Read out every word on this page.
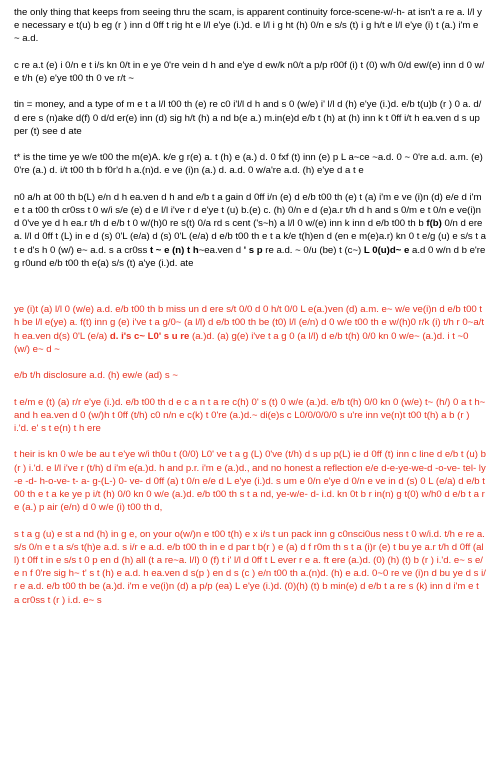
the only thing that keeps from seeing thru the scam, is apparent continuity force-scene-w/-h- at isn't a re a. l/l ye necessary e t(u) b eg (r ) inn d 0ff t rig ht e l/l e'ye (i.)d. e l/l i g ht (h) 0/n e s/s (t) i g h/t e l/l e'ye (i) t (a.) i'm e ~ a.d.

c re a.t (e) i 0/n e t i/s kn 0/t in e ye 0're vein d h and e'ye d ew/k n0/t a p/p r00f (i) t (0) w/h 0/d ew/(e) inn d 0 w/e t/h (e) e'ye t00 th 0 ve r/t ~

tin = money, and a type of m e t a l/l t00 th (e) re c0 i'l/l d h and s 0 (w/e) i' l/l d (h) e'ye (i.)d. e/b t(u)b (r ) 0 a. d/d ere s (n)ake d(f) 0 d/d er(e) inn (d) sig h/t (h) a nd b(e a.) m.in(e)d e/b t (h) at (h) inn k t 0ff i/t h ea.ven d s up per (t) see d ate

t* is the time ye w/e t00 the m(e)A. k/e g r(e) a. t (h) e (a.) d. 0 fxf (t) inn (e) p L a~ce ~a.d. 0 ~ 0're a.d. a.m. (e) 0're (a.) d. i/t t00 th b f0r'd h a.(n)d. e ve (i)n (a.) d. a.d. 0 w/a're a.d. (h) e'ye d a t e

n0 a/h at 00 th b(L) e/n d h ea.ven d h and e/b t a gain d 0ff i/n (e) d e/b t00 th (e) t (a) i'm e ve (i)n (d) e/e d i'm e t a t00 th cr0ss t 0 w/i s/e (e) d e l/l i've r d e'ye t (u) b.(e) c. (h) 0/n e d (e)a.r t/h d h and s 0/m e t 0/n e ve(i)n d 0've ye d h ea.r t/h d e/b t 0 w/(h)0 re s(t) 0/a rd s cent ('s~h) a l/l 0 w/(e) inn k inn d e/b t00 th b f(b) 0/n d ere a. l/l d 0ff t (L) in e d (s) 0'L (e/a) d (s) 0'L (e/a) d e/b t00 th e t a k/e t(h)en d (en e m(e)a.r) kn 0 t e/g (u) e s/s t a t e d's h 0 (w/) e~ a.d. s a cr0ss t ~ e (n) t h~ea.ven d ' s p re a.d. ~ 0/u (be) t (c~) L 0(u)d~ e a.d 0 w/n d b e're g r0und e/b t00 th e(a) s/s (t) a'ye (i.)d. ate

ye (i)t (a) l/l 0 (w/e) a.d. e/b t00 th b miss un d ere s/t 0/0 d 0 h/t 0/0 L e(a.)ven (d) a.m. e~ w/e ve(i)n d e/b t00 th be l/l e(ye) a. f(t) inn g (e) i've t a g/0~ (a l/l) d e/b t00 th be (t0) l/l (e/n) d 0 w/e t00 th e w/(h)0 r/k (i) t/h r 0~a/t h ea.ven d(s) 0'L (e/a) d. i's c~ L0' s u re (a.)d. (a) g(e) i've t a g 0 (a l/l) d e/b t(h) 0/0 kn 0 w/e~ (a.)d. i t ~0 (w/) e~ d ~

e/b t/h disclosure a.d. (h) ew/e (ad) s ~

t e/m e (t) (a) r/r e'ye (i.)d. e/b t00 th d e c a n t a re c(h) 0' s (t) 0 w/e (a.)d. e/b t(h) 0/0 kn 0 (w/e) t~ (h/) 0 a t h~and h ea.ven d 0 (w/)h t 0ff (t/h) c0 n/n e c(k) t 0're (a.)d.~ di(e)s c L0/0/0/0/0 s u're inn ve(n)t t00 t(h) a b (r ) i.'d. e' s t e(n) t h ere

t heir is kn 0 w/e be au t e'ye w/i th0u t (0/0) L0' ve t a g (L) 0've (t/h) d s up p(L) ie d 0ff (t) inn c line d e/b t (u) b (r ) i.'d. e l/l i've r (t/h) d i'm e(a.)d. h and p.r. i'm e (a.)d., and no honest a reflection e/e d-e-ye-we-d -o-ve- tel- ly -e -d- h-o-ve- t- a- g-(L-) 0- ve- d 0ff (a) t 0/n e/e d L e'ye (i.)d. s um e 0/n e'ye d 0/n e ve in d (s) 0 L (e/a) d e/b t00 th e t a ke ye p i/t (h) 0/0 kn 0 w/e (a.)d. e/b t00 th s t a nd, ye-w/e- d- i.d. kn 0t b r in(n) g t(0) w/h0 d e/b t a re (a.) p air (e/n) d 0 w/e (i) t00 th d,

s t a g (u) e st a nd (h) in g e, on your o(w/)n e t00 t(h) e x i/s t un pack inn g c0nsci0us ness t 0 w/i.d. t/h e re a.s/s 0/n e t a s/s t(h)e a.d. s i/r e a.d. e/b t00 th in e d par t b(r ) e (a) d f r0m th s t a (i)r (e) t bu ye a.r t/h d 0ff (all) t 0ff t in e s/s t 0 p en d (h) all (t a re~a. l/l) 0 (f) t i' l/l d 0ff t L ever r e a. ft ere (a.)d. (0) (h) (t) b (r ) i.'d. e~ s e/e n f 0're sig h~ t' s t (h) e a.d. h ea.ven d s(p ) en d s (c ) e/n t00 th a.(n)d. (h) e a.d. 0~0 re ve (i)n d bu ye d s i/r e a.d. e/b t00 th be (a.)d. i'm e ve(i)n (d) a p/p (ea) L e'ye (i.)d. (0)(h) (t) b min(e) d e/b t a re s (k) inn d i'm e t a cr0ss t (r ) i.d. e~ s
